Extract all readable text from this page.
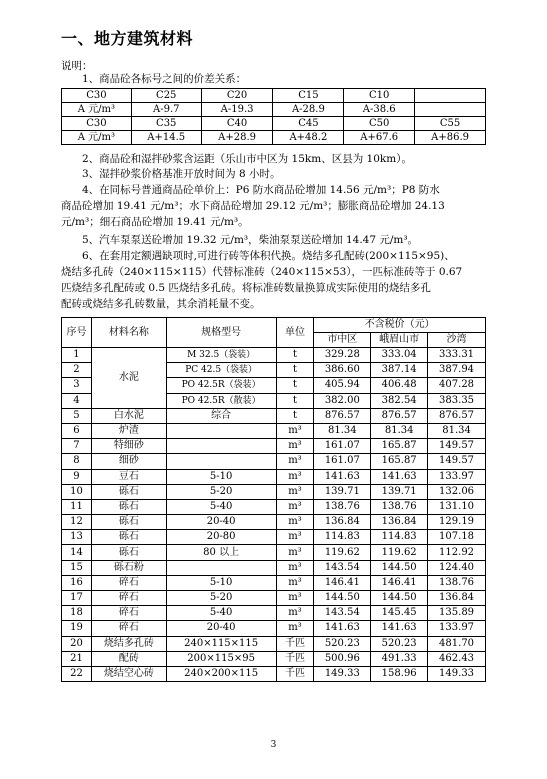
一、地方建筑材料
说明：
1、商品砼各标号之间的价差关系：
C30	C25	C20	C15	C10	
A 元/m³	A-9.7	A-19.3	A-28.9	A-38.6	
C30	C35	C40	C45	C50	C55
A 元/m³	A+14.5	A+28.9	A+48.2	A+67.6	A+86.9
2、商品砼和湿拌砂浆含运距（乐山市中区为 15km、区县为 10km）。
3、湿拌砂浆价格基准开放时间为 8 小时。
4、在同标号普通商品砼单价上：P6 防水商品砼增加 14.56 元/m³；P8 防水
商品砼增加 19.41 元/m³；水下商品砼增加 29.12 元/m³；膨胀商品砼增加 24.13
元/m³；细石商品砼增加 19.41 元/m³。
5、汽车泵泵送砼增加 19.32 元/m³，柴油泵泵送砼增加 14.47 元/m³。
6、在套用定额遇缺项时,可进行砖等体积代换。烧结多孔配砖(200×115×95)、
烧结多孔砖（240×115×115）代替标准砖（240×115×53），一匹标准砖等于 0.67
匹烧结多孔配砖或 0.5 匹烧结多孔砖。将标准砖数量换算成实际使用的烧结多孔
配砖或烧结多孔砖数量，其余消耗量不变。
序号	材料名称	规格型号	单位	不含税价（元）		
				市中区	峨眉山市	沙湾
1	水泥	M 32.5（袋装）	t	329.28	333.04	333.31
2		PC 42.5（袋装）	t	386.60	387.14	387.94
3		PO 42.5R（袋装）	t	405.94	406.48	407.28
4		PO 42.5R（散装）	t	382.00	382.54	383.35
5	白水泥	综合	t	876.57	876.57	876.57
6	炉渣		m³	81.34	81.34	81.34
7	特细砂		m³	161.07	165.87	149.57
8	细砂		m³	161.07	165.87	149.57
9	豆石	5-10	m³	141.63	141.63	133.97
10	砾石	5-20	m³	139.71	139.71	132.06
11	砾石	5-40	m³	138.76	138.76	131.10
12	砾石	20-40	m³	136.84	136.84	129.19
13	砾石	20-80	m³	114.83	114.83	107.18
14	砾石	80 以上	m³	119.62	119.62	112.92
15	砾石粉		m³	143.54	144.50	124.40
16	碎石	5-10	m³	146.41	146.41	138.76
17	碎石	5-20	m³	144.50	144.50	136.84
18	碎石	5-40	m³	143.54	145.45	135.89
19	碎石	20-40	m³	141.63	141.63	133.97
20	烧结多孔砖	240×115×115	千匹	520.23	520.23	481.70
21	配砖	200×115×95	千匹	500.96	491.33	462.43
22	烧结空心砖	240×200×115	千匹	149.33	158.96	149.33
3
